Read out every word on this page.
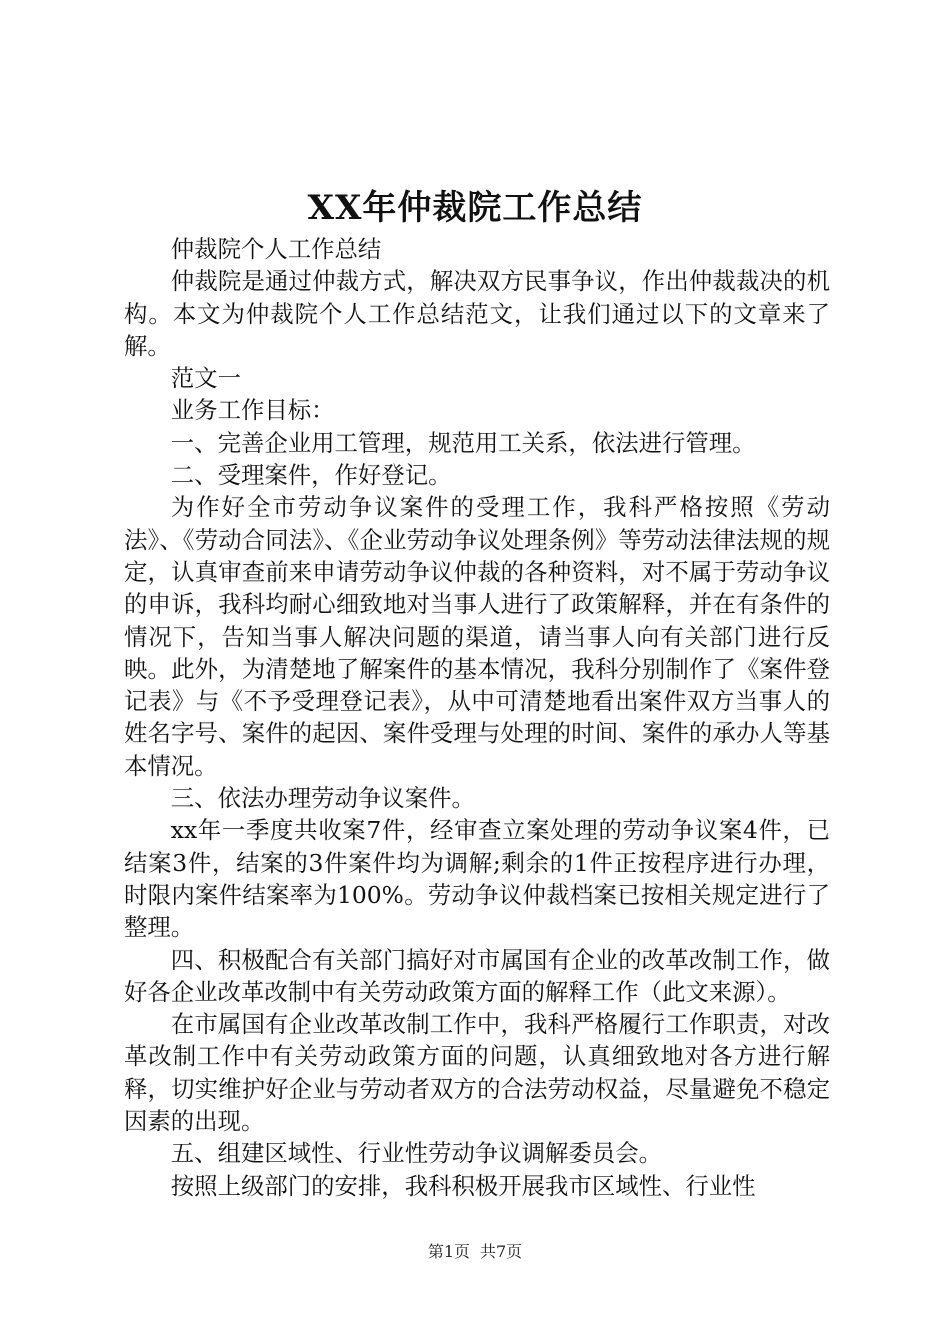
XX年仲裁院工作总结

仲裁院个人工作总结

仲裁院是通过仲裁方式，解决双方民事争议，作出仲裁裁决的机构。本文为仲裁院个人工作总结范文，让我们通过以下的文章来了解。

范文一

业务工作目标：

一、完善企业用工管理，规范用工关系，依法进行管理。

二、受理案件，作好登记。

为作好全市劳动争议案件的受理工作，我科严格按照《劳动法》、《劳动合同法》、《企业劳动争议处理条例》等劳动法律法规的规定，认真审查前来申请劳动争议仲裁的各种资料，对不属于劳动争议的申诉，我科均耐心细致地对当事人进行了政策解释，并在有条件的情况下，告知当事人解决问题的渠道，请当事人向有关部门进行反映。此外，为清楚地了解案件的基本情况，我科分别制作了《案件登记表》与《不予受理登记表》，从中可清楚地看出案件双方当事人的姓名字号、案件的起因、案件受理与处理的时间、案件的承办人等基本情况。

三、依法办理劳动争议案件。

xx年一季度共收案7件，经审查立案处理的劳动争议案4件，已结案3件，结案的3件案件均为调解;剩余的1件正按程序进行办理，时限内案件结案率为100%。劳动争议仲裁档案已按相关规定进行了整理。

四、积极配合有关部门搞好对市属国有企业的改革改制工作，做好各企业改革改制中有关劳动政策方面的解释工作（此文来源）。

在市属国有企业改革改制工作中，我科严格履行工作职责，对改革改制工作中有关劳动政策方面的问题，认真细致地对各方进行解释，切实维护好企业与劳动者双方的合法劳动权益，尽量避免不稳定因素的出现。

五、组建区域性、行业性劳动争议调解委员会。

按照上级部门的安排，我科积极开展我市区域性、行业性

第1页 共7页
